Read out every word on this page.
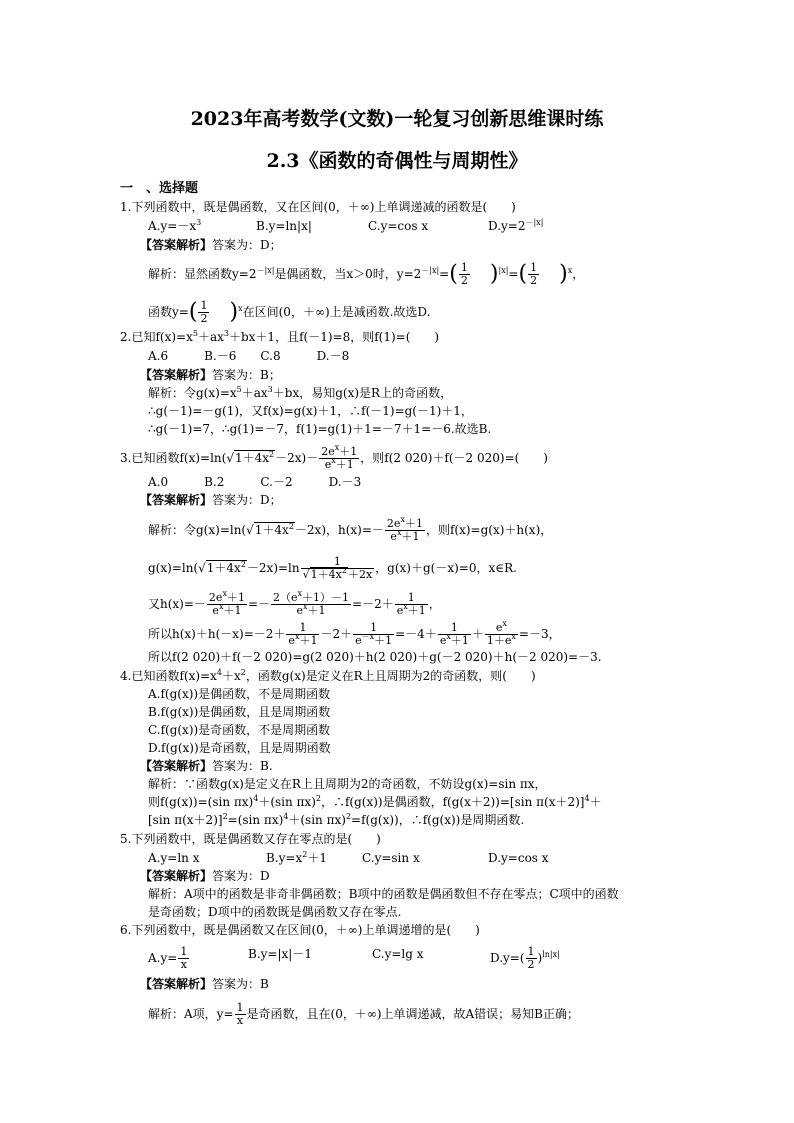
2023年高考数学(文数)一轮复习创新思维课时练
2.3《函数的奇偶性与周期性》
一　、选择题
1.下列函数中，既是偶函数，又在区间(0，＋∞)上单调递减的函数是(　　)
$A.y=-x^3$	B.y=ln|x|	C.y=cos x	$D.y=2^{-|x|}$
【答案解析】答案为：D；
解析：显然函数$y=2^{-|x|}$是偶函数，当x＞0时，$y=2^{-|x|}=( \frac{1}{2} )^{|x|}=( \frac{1}{2} )^x$，
函数$y=( \frac{1}{2} )^x$在区间(0，＋∞)上是减函数.故选D.
2.已知$f(x)=x^5+ax^3+bx+1$，且f(－1)=8，则f(1)=(　　)
A.6　　　B.－6　　C.8　　　D.－8
【答案解析】答案为：B；
解析：令$g(x)=x^5+ax^3+bx$，易知g(x)是R上的奇函数，
∴g(－1)=－g(1)，又f(x)=g(x)＋1，∴f(－1)=g(－1)＋1，
∴g(－1)=7，∴g(1)=－7，f(1)=g(1)＋1=－7＋1=－6.故选B.
3.已知函数$f(x)=\ln(√1+4x^2-2x)- \frac{2e^x+1}{e^x+1}$ ，则f(2 020)＋f(－2 020)=(　　)
A.0　　　B.2　　　C.－2　　　D.－3
【答案解析】答案为：D；
解析：令$g(x)=\ln(√1+4x^2-2x)$，$h(x)=- \frac{2e^x+1}{e^x+1}$ ，则f(x)=g(x)＋h(x)，
$g(x)=\ln(√1+4x^2-2x)=\ln \frac{1}{√1+4x^2+2x}$ ，g(x)＋g(－x)=0，x∈R.
又$h(x)=- \frac{2e^x+1}{e^x+1} =- \frac{2(e^x+1)-1}{e^x+1} =-2+ \frac{1}{e^x+1}$ ，
所以$h(x)+h(-x)=-2+ \frac{1}{e^x+1} -2+ \frac{1}{e^{-x}+1} =-4+ \frac{1}{e^x+1} + \frac{e^x}{1+e^x} =-3$，
所以f(2 020)＋f(－2 020)=g(2 020)＋h(2 020)＋g(－2 020)＋h(－2 020)=－3.
4.已知函数$f(x)=x^4+x^2$，函数g(x)是定义在R上且周期为2的奇函数，则(　　)
A.f(g(x))是偶函数，不是周期函数
B.f(g(x))是偶函数，且是周期函数
C.f(g(x))是奇函数，不是周期函数
D.f(g(x))是奇函数，且是周期函数
【答案解析】答案为：B.
解析：∵函数g(x)是定义在R上且周期为2的奇函数，不妨设g(x)=sin πx，
则f(g(x))=(sin πx)$^4$＋(sin πx)$^2$，∴f(g(x))是偶函数，f(g(x＋2))=[sin π(x＋2)]$^4$＋
[sin π(x＋2)]$^2$=(sin πx)$^4$＋(sin πx)$^2$=f(g(x))，∴f(g(x))是周期函数.
5.下列函数中，既是偶函数又存在零点的是(　　)
A.y=ln x	$B.y=x^2+1$	C.y=sin x	D.y=cos x
【答案解析】答案为：D
解析：A项中的函数是非奇非偶函数；B项中的函数是偶函数但不存在零点；C项中的函数
是奇函数；D项中的函数既是偶函数又存在零点.
6.下列函数中，既是偶函数又在区间(0，＋∞)上单调递增的是(　　)
$A.y= \frac{1}{x}$	B.y=|x|－1	C.y=lg x	$D.y=( \frac{1}{2} )^{ln|x|}$
【答案解析】答案为：B
解析：A项，$y= \frac{1}{x}$ 是奇函数，且在(0，＋∞)上单调递减，故A错误；易知B正确；
